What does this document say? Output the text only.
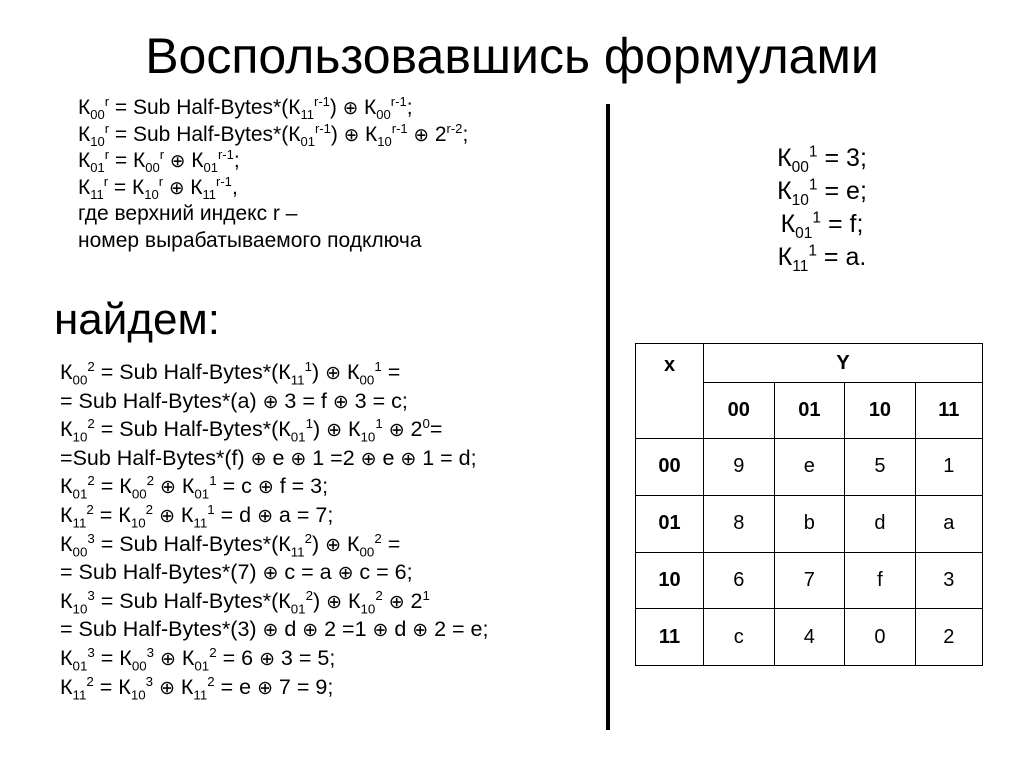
Воспользовавшись формулами
$К_{00}^r$ = Sub Half-$Bytes*(К_{11}^{r-1})$ ⊕ $К_{00}^{r-1}$;
$К_{10}^r$ = Sub Half-$Bytes*(К_{01}^{r-1})$ ⊕ $К_{10}^{r-1}$ ⊕ 2$^{r-2}$;
$К_{01}^r = К_{00}^r$ ⊕ $К_{01}^{r-1}$;
$К_{11}^r = К_{10}^r$ ⊕ $К_{11}^{r-1}$,
где верхний индекс r –
номер вырабатываемого подключа
найдем:
$К_{00}^2$ = Sub Half-$Bytes*(К_{11}^1)$ ⊕ $К_{00}^1$ =
= Sub Half-Bytes*(a) ⊕ 3 = f ⊕ 3 = c;
$К_{10}^2$ = Sub Half-$Bytes*(К_{01}^1)$ ⊕ $К_{10}^1$ ⊕ $2^0=$
=Sub Half-Bytes*(f) ⊕ e ⊕ 1 =2 ⊕ e ⊕ 1 = d;
$К_{01}^2 = К_{00}^2$ ⊕ $К_{01}^1 = c$ ⊕ f = 3;
$К_{11}^2 = К_{10}^2$ ⊕ $К_{11}^1 = d$ ⊕ a = 7;
$К_{00}^3$ = Sub Half-$Bytes*(К_{11}^2)$ ⊕ $К_{00}^2$ =
= Sub Half-Bytes*(7) ⊕ c = a ⊕ c = 6;
$К_{10}^3$ = Sub Half-$Bytes*(К_{01}^2)$ ⊕ $К_{10}^2$ ⊕ $2^1$
= Sub Half-Bytes*(3) ⊕ d ⊕ 2 =1 ⊕ d ⊕ 2 = e;
$К_{01}^3 = К_{00}^3$ ⊕ $К_{01}^2 = 6$ ⊕ 3 = 5;
$К_{11}^2 = К_{10}^3$ ⊕ $К_{11}^2 = e$ ⊕ 7 = 9;
$К_{00}^1 = 3$;
$К_{10}^1 = e$;
$К_{01}^1 = f$;
$К_{11}^1 = a$.
x	Y			
	00	01	10	11
00	9	e	5	1
01	8	b	d	a
10	6	7	f	3
11	c	4	0	2
